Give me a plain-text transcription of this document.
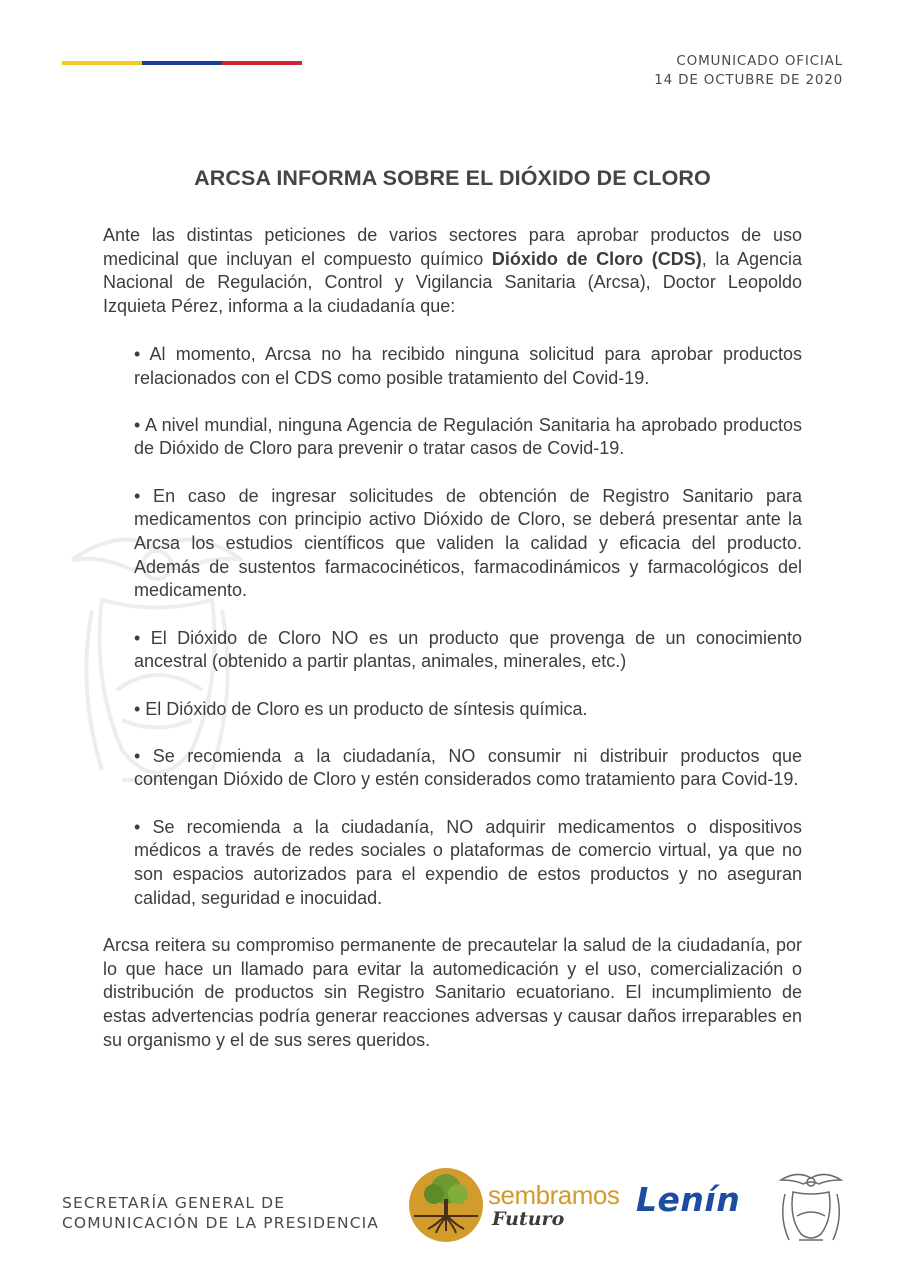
COMUNICADO OFICIAL
14 DE OCTUBRE DE 2020
ARCSA INFORMA SOBRE EL DIÓXIDO DE CLORO

Ante las distintas peticiones de varios sectores para aprobar productos de uso medicinal que incluyan el compuesto químico Dióxido de Cloro (CDS), la Agencia Nacional de Regulación, Control y Vigilancia Sanitaria (Arcsa), Doctor Leopoldo Izquieta Pérez, informa a la ciudadanía que:

• Al momento, Arcsa no ha recibido ninguna solicitud para aprobar productos relacionados con el CDS como posible tratamiento del Covid-19.
• A nivel mundial, ninguna Agencia de Regulación Sanitaria ha aprobado productos de Dióxido de Cloro para prevenir o tratar casos de Covid-19.
• En caso de ingresar solicitudes de obtención de Registro Sanitario para medicamentos con principio activo Dióxido de Cloro, se deberá presentar ante la Arcsa los estudios científicos que validen la calidad y eficacia del producto. Además de sustentos farmacocinéticos, farmacodinámicos y farmacológicos del medicamento.
• El Dióxido de Cloro NO es un producto que provenga de un conocimiento ancestral (obtenido a partir plantas, animales, minerales, etc.)
• El Dióxido de Cloro es un producto de síntesis química.
• Se recomienda a la ciudadanía, NO consumir ni distribuir productos que contengan Dióxido de Cloro y estén considerados como tratamiento para Covid-19.
• Se recomienda a la ciudadanía, NO adquirir medicamentos o dispositivos médicos a través de redes sociales o plataformas de comercio virtual, ya que no son espacios autorizados para el expendio de estos productos y no aseguran calidad, seguridad e inocuidad.

Arcsa reitera su compromiso permanente de precautelar la salud de la ciudadanía, por lo que hace un llamado para evitar la automedicación y el uso, comercialización o distribución de productos sin Registro Sanitario ecuatoriano. El incumplimiento de estas advertencias podría generar reacciones adversas y causar daños irreparables en su organismo y el de sus seres queridos.

SECRETARÍA GENERAL DE
COMUNICACIÓN DE LA PRESIDENCIA
sembramos
Futuro Lenín
